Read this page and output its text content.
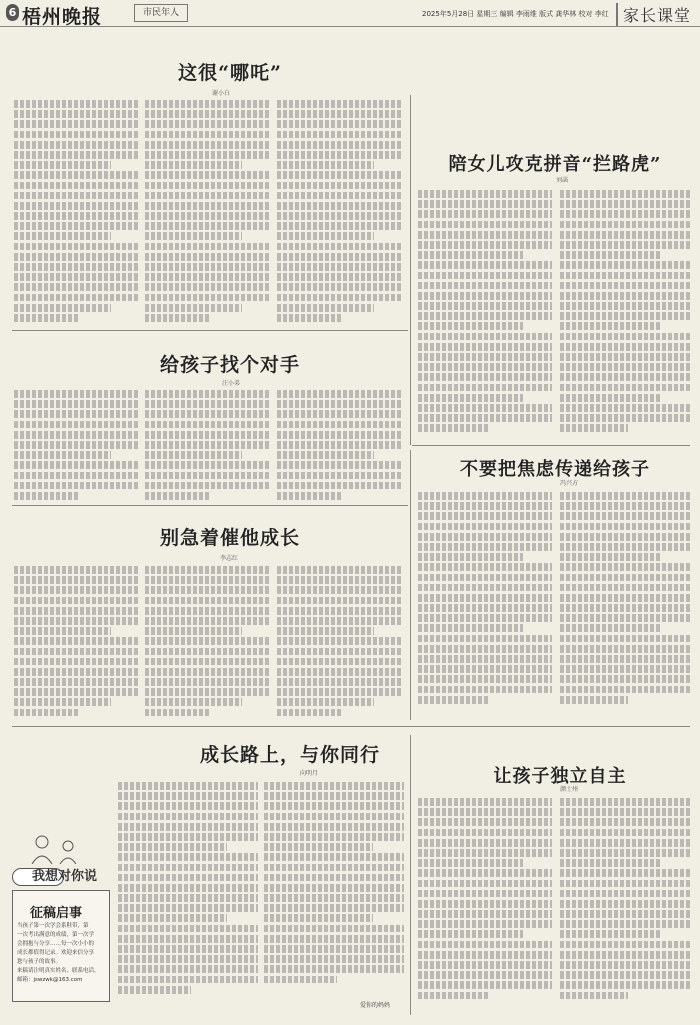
6 梧州晚报	市民年人	2025年5月28日 星期三 编辑 李雨维 版式 龚华林 校对 李红 家长课堂
这很“哪吒”
谢小白
陪女儿攻克拼音“拦路虎”
刘菡
给孩子找个对手
汪小弟
不要把焦虑传递给孩子
冯兴方
别急着催他成长
李志红
成长路上，与你同行
向明月
爱你的妈妈
让孩子独立自主
颜士州
我想对你说
征稿启事
当孩子第一次学会系鞋带，第
一次考出满意的成绩，第一次学
会拥抱与分享……每一次小小的
成长都值得记录。欢迎来信分享
您与孩子的故事。
来稿请注明真实姓名、联系电话。
邮箱：jswzwk@163.com
